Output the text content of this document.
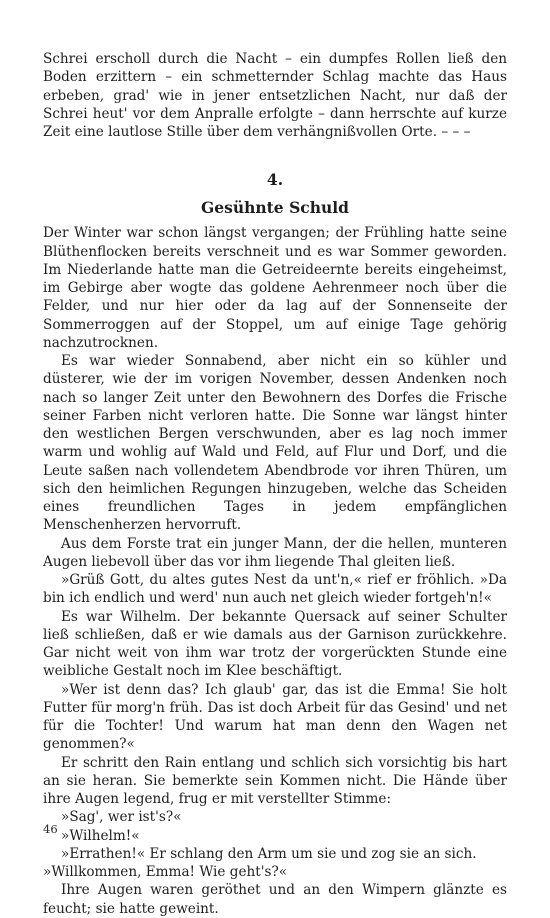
Schrei erscholl durch die Nacht – ein dumpfes Rollen ließ den Boden erzittern – ein schmetternder Schlag machte das Haus erbeben, grad' wie in jener entsetzlichen Nacht, nur daß der Schrei heut' vor dem Anpralle erfolgte – dann herrschte auf kurze Zeit eine lautlose Stille über dem verhängnißvollen Orte. – – –

4.
Gesühnte Schuld

Der Winter war schon längst vergangen; der Frühling hatte seine Blüthenflocken bereits verschneit und es war Sommer geworden. Im Niederlande hatte man die Getreideernte bereits eingeheimst, im Gebirge aber wogte das goldene Aehrenmeer noch über die Felder, und nur hier oder da lag auf der Sonnenseite der Sommerroggen auf der Stoppel, um auf einige Tage gehörig nachzutrocknen.

Es war wieder Sonnabend, aber nicht ein so kühler und düsterer, wie der im vorigen November, dessen Andenken noch nach so langer Zeit unter den Bewohnern des Dorfes die Frische seiner Farben nicht verloren hatte. Die Sonne war längst hinter den westlichen Bergen verschwunden, aber es lag noch immer warm und wohlig auf Wald und Feld, auf Flur und Dorf, und die Leute saßen nach vollendetem Abendbrode vor ihren Thüren, um sich den heimlichen Regungen hinzugeben, welche das Scheiden eines freundlichen Tages in jedem empfänglichen Menschenherzen hervorruft.

Aus dem Forste trat ein junger Mann, der die hellen, munteren Augen liebevoll über das vor ihm liegende Thal gleiten ließ.

»Grüß Gott, du altes gutes Nest da unt'n,« rief er fröhlich. »Da bin ich endlich und werd' nun auch net gleich wieder fortgeh'n!«

Es war Wilhelm. Der bekannte Quersack auf seiner Schulter ließ schließen, daß er wie damals aus der Garnison zurückkehre. Gar nicht weit von ihm war trotz der vorgerückten Stunde eine weibliche Gestalt noch im Klee beschäftigt.

»Wer ist denn das? Ich glaub' gar, das ist die Emma! Sie holt Futter für morg'n früh. Das ist doch Arbeit für das Gesind' und net für die Tochter! Und warum hat man denn den Wagen net genommen?«

Er schritt den Rain entlang und schlich sich vorsichtig bis hart an sie heran. Sie bemerkte sein Kommen nicht. Die Hände über ihre Augen legend, frug er mit verstellter Stimme:

»Sag', wer ist's?«

»Wilhelm!«

»Errathen!« Er schlang den Arm um sie und zog sie an sich.

»Willkommen, Emma! Wie geht's?«

Ihre Augen waren geröthet und an den Wimpern glänzte es feucht; sie hatte geweint.

46
